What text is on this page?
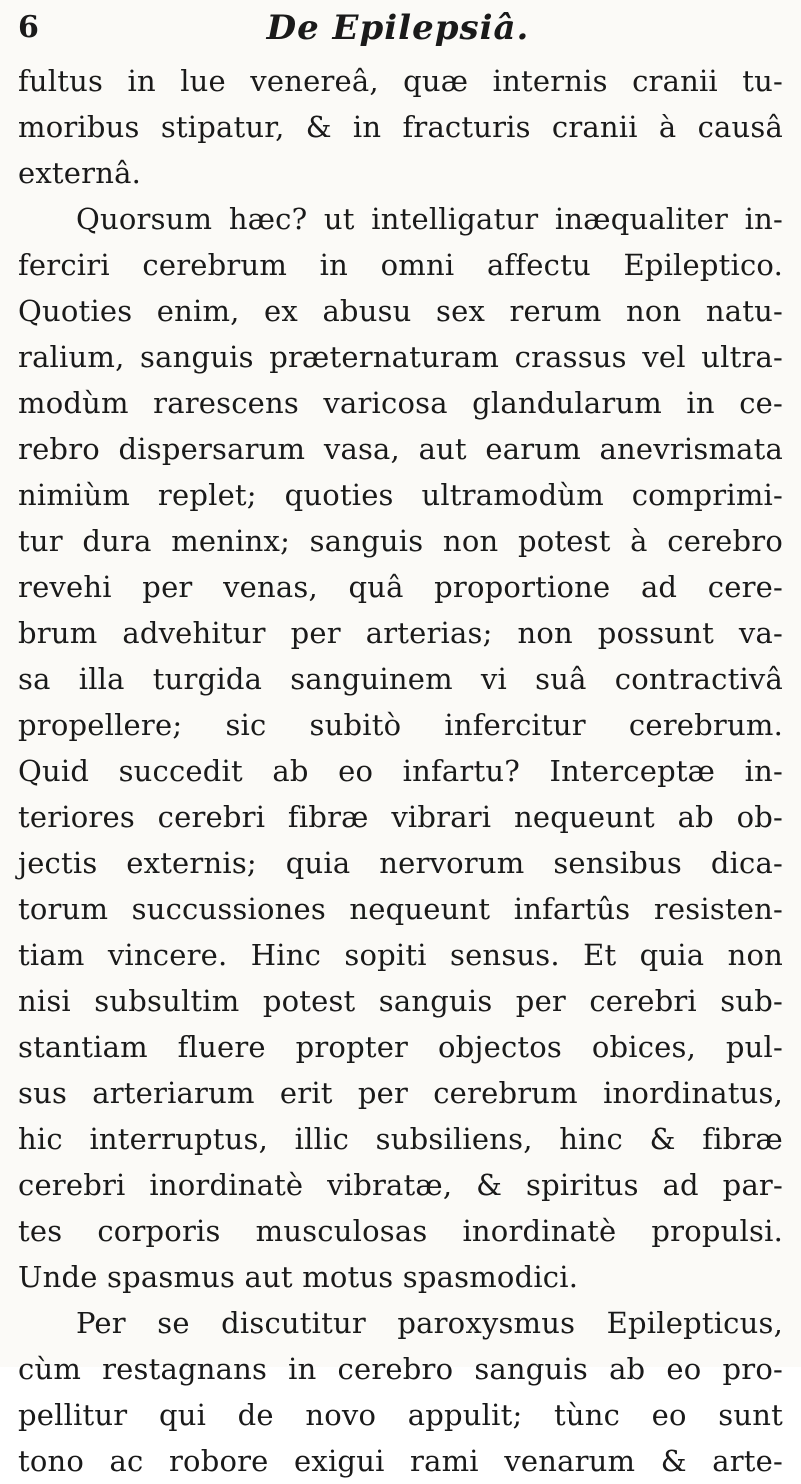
6	De Epilepsiâ.
fultus in lue venereâ, quæ internis cranii tu-
moribus stipatur, & in fracturis cranii à causâ
externâ.
Quorsum hæc? ut intelligatur inæqualiter in-
ferciri cerebrum in omni affectu Epileptico.
Quoties enim, ex abusu sex rerum non natu-
ralium, sanguis præternaturam crassus vel ultra-
modùm rarescens varicosa glandularum in ce-
rebro dispersarum vasa, aut earum anevrismata
nimiùm replet; quoties ultramodùm comprimi-
tur dura meninx; sanguis non potest à cerebro
revehi per venas, quâ proportione ad cere-
brum advehitur per arterias; non possunt va-
sa illa turgida sanguinem vi suâ contractivâ
propellere; sic subitò infercitur cerebrum.
Quid succedit ab eo infartu? Interceptæ in-
teriores cerebri fibræ vibrari nequeunt ab ob-
jectis externis; quia nervorum sensibus dica-
torum succussiones nequeunt infartûs resisten-
tiam vincere. Hinc sopiti sensus. Et quia non
nisi subsultim potest sanguis per cerebri sub-
stantiam fluere propter objectos obices, pul-
sus arteriarum erit per cerebrum inordinatus,
hic interruptus, illic subsiliens, hinc & fibræ
cerebri inordinatè vibratæ, & spiritus ad par-
tes corporis musculosas inordinatè propulsi.
Unde spasmus aut motus spasmodici.
Per se discutitur paroxysmus Epilepticus,
cùm restagnans in cerebro sanguis ab eo pro-
pellitur qui de novo appulit; tùnc eo sunt
tono ac robore exigui rami venarum & arte-
